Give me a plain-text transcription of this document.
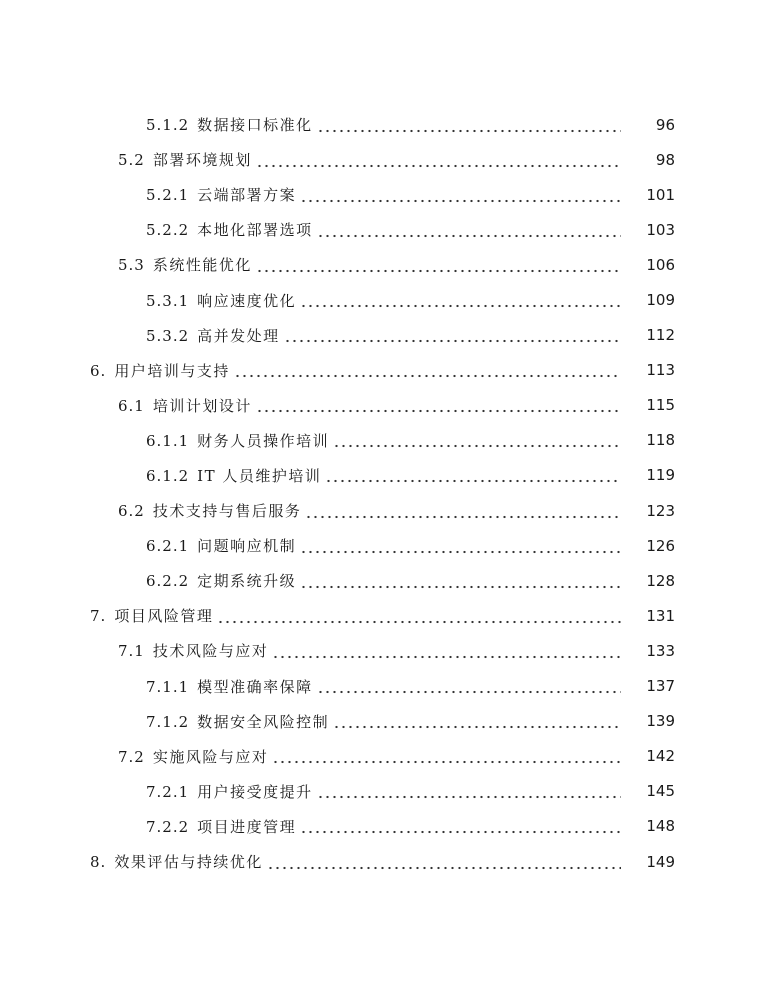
5.1.2 数据接口标准化	96
5.2 部署环境规划	98
5.2.1 云端部署方案	101
5.2.2 本地化部署选项	103
5.3 系统性能优化	106
5.3.1 响应速度优化	109
5.3.2 高并发处理	112
6. 用户培训与支持	113
6.1 培训计划设计	115
6.1.1 财务人员操作培训	118
6.1.2 IT 人员维护培训	119
6.2 技术支持与售后服务	123
6.2.1 问题响应机制	126
6.2.2 定期系统升级	128
7. 项目风险管理	131
7.1 技术风险与应对	133
7.1.1 模型准确率保障	137
7.1.2 数据安全风险控制	139
7.2 实施风险与应对	142
7.2.1 用户接受度提升	145
7.2.2 项目进度管理	148
8. 效果评估与持续优化	149
